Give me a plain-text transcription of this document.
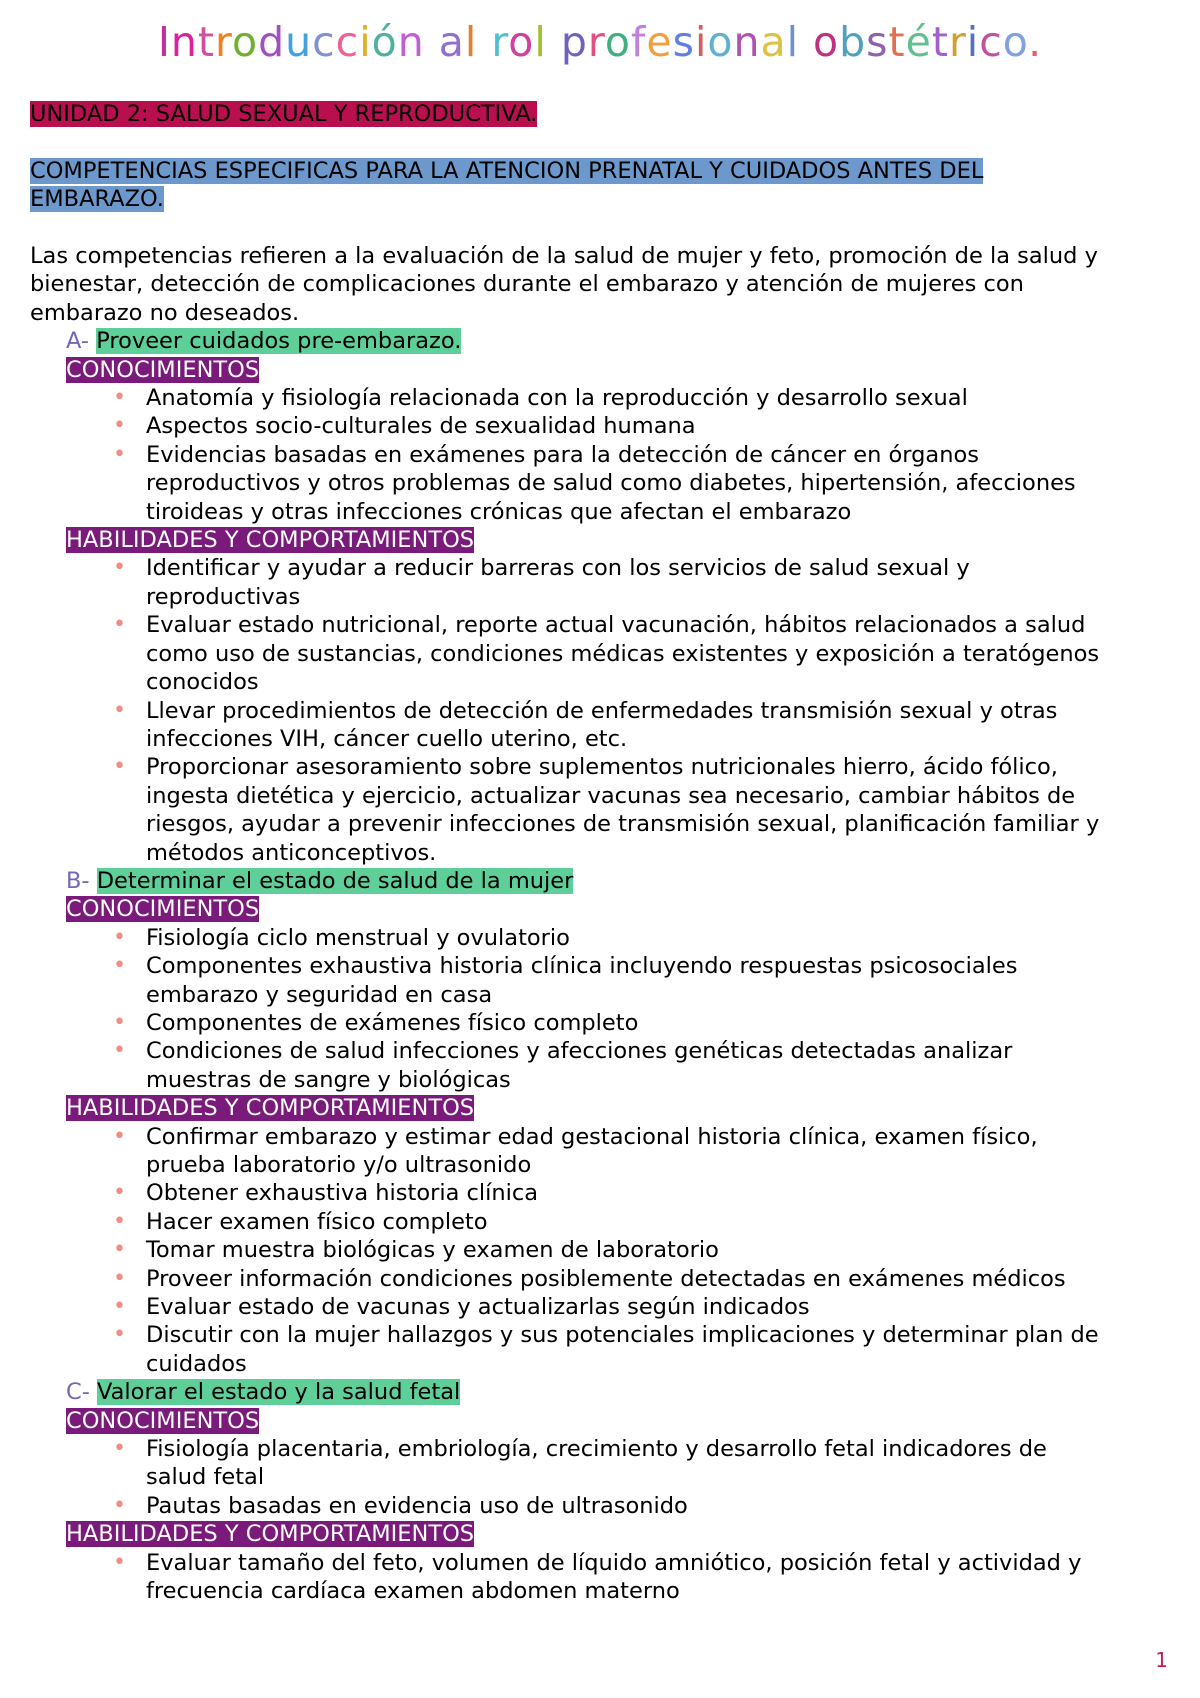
Introducción al rol profesional obstétrico.

UNIDAD 2: SALUD SEXUAL Y REPRODUCTIVA.

COMPETENCIAS ESPECIFICAS PARA LA ATENCION PRENATAL Y CUIDADOS ANTES DEL

EMBARAZO.

Las competencias refieren a la evaluación de la salud de mujer y feto, promoción de la salud y

bienestar, detección de complicaciones durante el embarazo y atención de mujeres con

embarazo no deseados.

A- Proveer cuidados pre-embarazo.

CONOCIMIENTOS

• Anatomía y fisiología relacionada con la reproducción y desarrollo sexual
• Aspectos socio-culturales de sexualidad humana
• Evidencias basadas en exámenes para la detección de cáncer en órganos
reproductivos y otros problemas de salud como diabetes, hipertensión, afecciones
tiroideas y otras infecciones crónicas que afectan el embarazo

HABILIDADES Y COMPORTAMIENTOS

• Identificar y ayudar a reducir barreras con los servicios de salud sexual y
reproductivas
• Evaluar estado nutricional, reporte actual vacunación, hábitos relacionados a salud
como uso de sustancias, condiciones médicas existentes y exposición a teratógenos
conocidos
• Llevar procedimientos de detección de enfermedades transmisión sexual y otras
infecciones VIH, cáncer cuello uterino, etc.
• Proporcionar asesoramiento sobre suplementos nutricionales hierro, ácido fólico,
ingesta dietética y ejercicio, actualizar vacunas sea necesario, cambiar hábitos de
riesgos, ayudar a prevenir infecciones de transmisión sexual, planificación familiar y
métodos anticonceptivos.

B- Determinar el estado de salud de la mujer

CONOCIMIENTOS

• Fisiología ciclo menstrual y ovulatorio
• Componentes exhaustiva historia clínica incluyendo respuestas psicosociales
embarazo y seguridad en casa
• Componentes de exámenes físico completo
• Condiciones de salud infecciones y afecciones genéticas detectadas analizar
muestras de sangre y biológicas

HABILIDADES Y COMPORTAMIENTOS

• Confirmar embarazo y estimar edad gestacional historia clínica, examen físico,
prueba laboratorio y/o ultrasonido
• Obtener exhaustiva historia clínica
• Hacer examen físico completo
• Tomar muestra biológicas y examen de laboratorio
• Proveer información condiciones posiblemente detectadas en exámenes médicos
• Evaluar estado de vacunas y actualizarlas según indicados
• Discutir con la mujer hallazgos y sus potenciales implicaciones y determinar plan de
cuidados

C- Valorar el estado y la salud fetal

CONOCIMIENTOS

• Fisiología placentaria, embriología, crecimiento y desarrollo fetal indicadores de
salud fetal
• Pautas basadas en evidencia uso de ultrasonido

HABILIDADES Y COMPORTAMIENTOS

• Evaluar tamaño del feto, volumen de líquido amniótico, posición fetal y actividad y
frecuencia cardíaca examen abdomen materno
1
